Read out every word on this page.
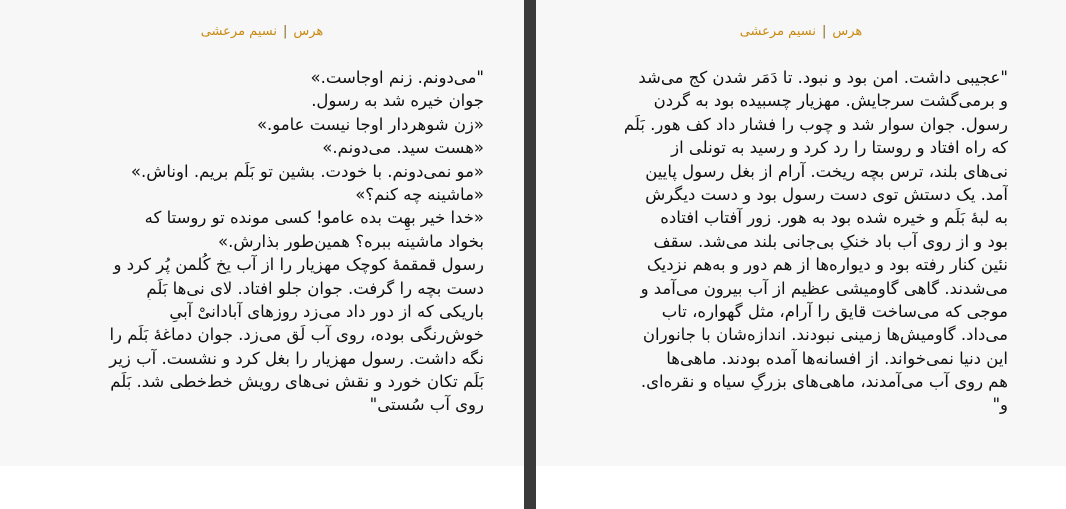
هرس|نسیم مرعشی
"می‌دونم. زنم اوجاست.»
جوان خیره شد به رسول.
«زن شوهردار اوجا نیست عامو.»
«هست سید. می‌دونم.»
«مو نمی‌دونم. با خودت. بشین تو بَلَم بریم. اوناش.»
«ماشینه چه کنم؟»
«خدا خیر بهِت بده عامو! کسی مونده تو روستا که
بخواد ماشینه ببره؟ همین‌طور بذارش.»
رسول قمقمهٔ کوچک مهزیار را از آب یخ کُلمن پُر کرد و
دست بچه را گرفت. جوان جلو افتاد. لای نی‌ها بَلَمِ
باریکی که از دور داد می‌زد روزهای آبادانیْ آبیِ
خوش‌رنگی بوده، روی آب لَق می‌زد. جوان دماغهٔ بَلَم را
نگه داشت. رسول مهزیار را بغل کرد و نشست. آب زیر
بَلَم تکان خورد و نقش نی‌های رویش خط‌خطی شد. بَلَم
روی آب سُستی"
هرس|نسیم مرعشی
"عجیبی داشت. امن بود و نبود. تا دَمَر شدن کج می‌شد
و برمی‌گشت سرجایش. مهزیار چسبیده بود به گردن
رسول. جوان سوار شد و چوب را فشار داد کف هور. بَلَم
که راه افتاد و روستا را رد کرد و رسید به تونلی از
نی‌های بلند، ترس بچه ریخت. آرام از بغل رسول پایین
آمد. یک دستش توی دست رسول بود و دست دیگرش
به لبهٔ بَلَم و خیره شده بود به هور. زور آفتاب افتاده
بود و از روی آب باد خنکِ بی‌جانی بلند می‌شد. سقف
نئین کنار رفته بود و دیواره‌ها از هم دور و به‌هم نزدیک
می‌شدند. گاهی گاومیشی عظیم از آب بیرون می‌آمد و
موجی که می‌ساخت قایق را آرام، مثل گهواره، تاب
می‌داد. گاومیش‌ها زمینی نبودند. اندازه‌شان با جانوران
این دنیا نمی‌خواند. از افسانه‌ها آمده بودند. ماهی‌ها
هم روی آب می‌آمدند، ماهی‌های بزرگِ سیاه و نقره‌ای.
و"
